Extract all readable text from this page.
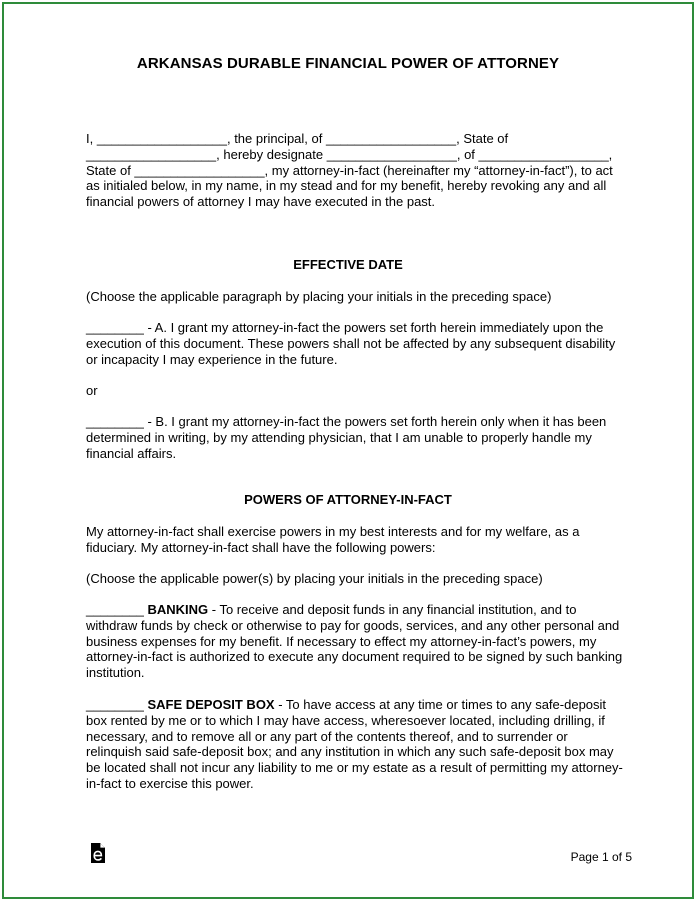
ARKANSAS DURABLE FINANCIAL POWER OF ATTORNEY
I, __________________, the principal, of __________________, State of __________________, hereby designate __________________, of __________________, State of __________________, my attorney-in-fact (hereinafter my “attorney-in-fact”), to act as initialed below, in my name, in my stead and for my benefit, hereby revoking any and all financial powers of attorney I may have executed in the past.
EFFECTIVE DATE
(Choose the applicable paragraph by placing your initials in the preceding space)
________ - A. I grant my attorney-in-fact the powers set forth herein immediately upon the execution of this document. These powers shall not be affected by any subsequent disability or incapacity I may experience in the future.
or
________ - B. I grant my attorney-in-fact the powers set forth herein only when it has been determined in writing, by my attending physician, that I am unable to properly handle my financial affairs.
POWERS OF ATTORNEY-IN-FACT
My attorney-in-fact shall exercise powers in my best interests and for my welfare, as a fiduciary. My attorney-in-fact shall have the following powers:
(Choose the applicable power(s) by placing your initials in the preceding space)
________ BANKING - To receive and deposit funds in any financial institution, and to withdraw funds by check or otherwise to pay for goods, services, and any other personal and business expenses for my benefit. If necessary to effect my attorney-in-fact’s powers, my attorney-in-fact is authorized to execute any document required to be signed by such banking institution.
________ SAFE DEPOSIT BOX - To have access at any time or times to any safe-deposit box rented by me or to which I may have access, wheresoever located, including drilling, if necessary, and to remove all or any part of the contents thereof, and to surrender or relinquish said safe-deposit box; and any institution in which any such safe-deposit box may be located shall not incur any liability to me or my estate as a result of permitting my attorney-in-fact to exercise this power.
Page 1 of 5
